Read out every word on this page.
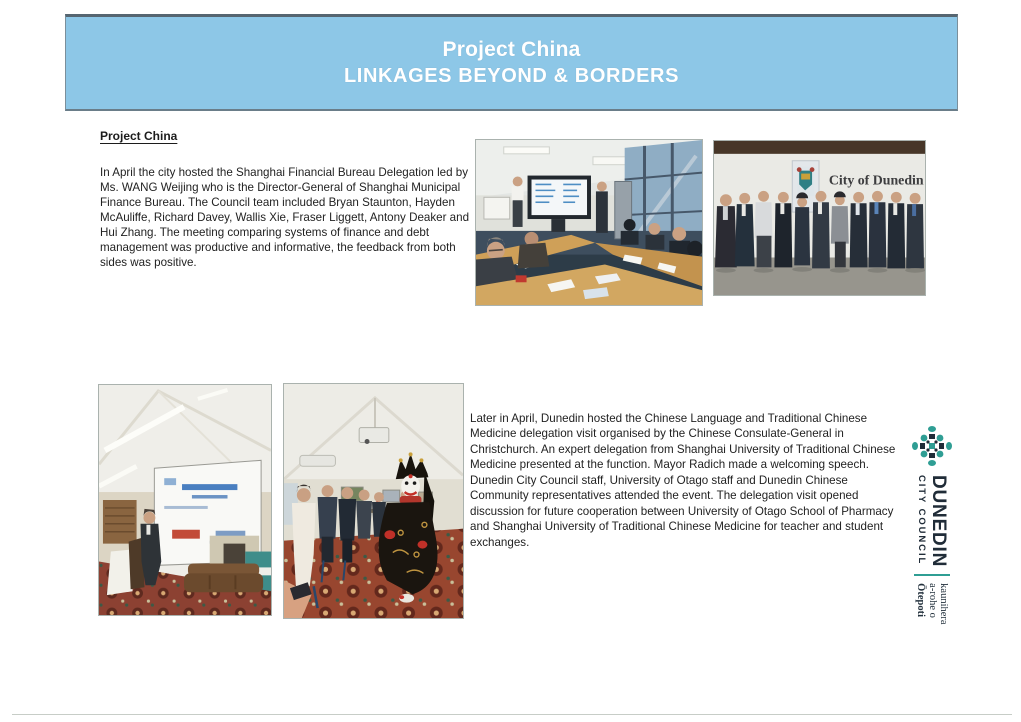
Project China
LINKAGES BEYOND & BORDERS
Project China

In April the city hosted the Shanghai Financial Bureau Delegation led by Ms. WANG Weijing who is the Director-General of Shanghai Municipal Finance Bureau. The Council team included Bryan Staunton, Hayden McAuliffe, Richard Davey, Wallis Xie, Fraser Liggett, Antony Deaker and Hui Zhang. The meeting comparing systems of finance and debt management was productive and informative, the feedback from both sides was positive.

City of Dunedin

Later in April, Dunedin hosted the Chinese Language and Traditional Chinese Medicine delegation visit organised by the Chinese Consulate-General in Christchurch. An expert delegation from Shanghai University of Traditional Chinese Medicine presented at the function. Mayor Radich made a welcoming speech. Dunedin City Council staff, University of Otago staff and Dunedin Chinese Community representatives attended the event. The delegation visit opened discussion for future cooperation between University of Otago School of Pharmacy and Shanghai University of Traditional Chinese Medicine for teacher and student exchanges.	DUNEDIN
CITY COUNCIL
kaunihera
a-rohe o
Ōtepoti
